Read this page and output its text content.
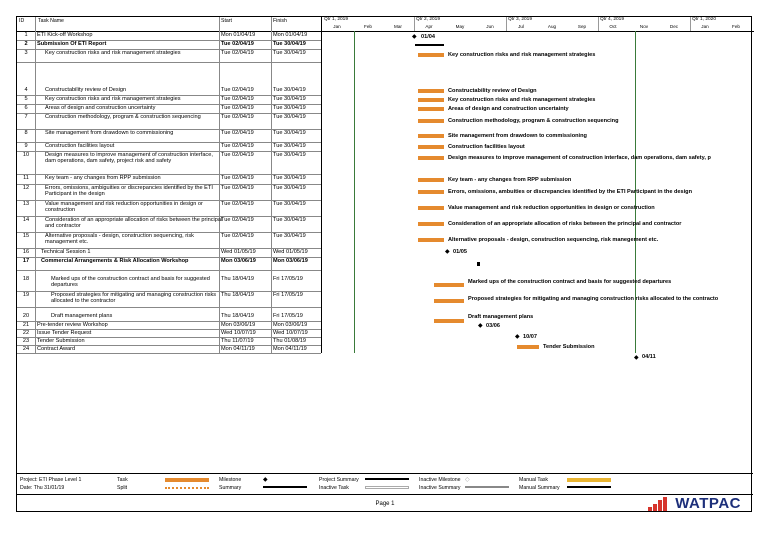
ID	Task Name	Start	Finish
1	ETI Kick-off Workshop	Mon 01/04/19	Mon 01/04/19
2	Submission Of ETI Report	Tue 02/04/19	Tue 30/04/19
3	Key construction risks and risk management strategies	Tue 02/04/19	Tue 30/04/19
4	Constructability review of Design	Tue 02/04/19	Tue 30/04/19
5	Key construction risks and risk management strategies	Tue 02/04/19	Tue 30/04/19
6	Areas of design and construction uncertainty	Tue 02/04/19	Tue 30/04/19
7	Construction methodology, program & construction sequencing	Tue 02/04/19	Tue 30/04/19
8	Site management from drawdown to commissioning	Tue 02/04/19	Tue 30/04/19
9	Construction facilities layout	Tue 02/04/19	Tue 30/04/19
10	Design measures to improve management of construction interface, dam operations, dam safety, project risk and safety
Tue 02/04/19	Tue 30/04/19
11	Key team - any changes from RPP submission	Tue 02/04/19	Tue 30/04/19
12	Errors, omissions, ambiguities or discrepancies identified by the ETI Participant in the design
Tue 02/04/19	Tue 30/04/19
13	Value management and risk reduction opportunities in design or construction
Tue 02/04/19	Tue 30/04/19
14	Consideration of an appropriate allocation of risks between the principal and contractor
Tue 02/04/19	Tue 30/04/19
15	Alternative proposals - design, construction sequencing, risk management etc.
Tue 02/04/19	Tue 30/04/19
16	Technical Session 1	Wed 01/05/19	Wed 01/05/19
17	Commercial Arrangements & Risk Allocation Workshop	Mon 03/06/19	Mon 03/06/19
18	Marked ups of the construction contract and basis for suggested departures
Thu 18/04/19	Fri 17/05/19
19	Proposed strategies for mitigating and managing construction risks allocated to the contractor
Thu 18/04/19	Fri 17/05/19
20	Draft management plans	Thu 18/04/19	Fri 17/05/19
21	Pre-tender review Workshop	Mon 03/06/19	Mon 03/06/19
22	Issue Tender Request	Wed 10/07/19	Wed 10/07/19
23	Tender Submission	Thu 11/07/19	Thu 01/08/19
24	Contract Award	Mon 04/11/19	Mon 04/11/19
Qtr 1, 2019	Qtr 2, 2019	Qtr 3, 2019	Qtr 4, 2019	Qtr 1, 2020
Jan	Feb	Mar	Apr	May	Jun	Jul	Aug	Sep	Oct	Nov	Dec	Jan	Feb
◆ 01/04
Key construction risks and risk management strategies
Constructability review of Design
Key construction risks and risk management strategies
Areas of design and construction uncertainty
Construction methodology, program & construction sequencing
Site management from drawdown to commissioning
Construction facilities layout
Design measures to improve management of construction interface, dam operations, dam safety, p
Key team - any changes from RPP submission
Errors, omissions, ambuities or discrepancies identified by the ETI Participant in the design
Value management and risk reduction opportunities in design or construction
Consideration of an appropriate allocation of risks between the principal and contractor
Alternative proposals - design, construction sequencing, risk manegement etc.
◆ 01/05
Marked ups of the construction contract and basis for suggested departures
Proposed strategies for mitigating and managing construction risks allocated to the contracto
Draft management plans
◆ 03/06
◆ 10/07
Tender Submission
◆ 04/11
Project: ETI Phase Level 1
Date: Thu 31/01/19
Task
Split
Milestone	◆
Summary
Project Summary
Inactive Task
Inactive Milestone ◇
Inactive Summary
Manual Task
Manual Summary
Page 1	WATPAC
